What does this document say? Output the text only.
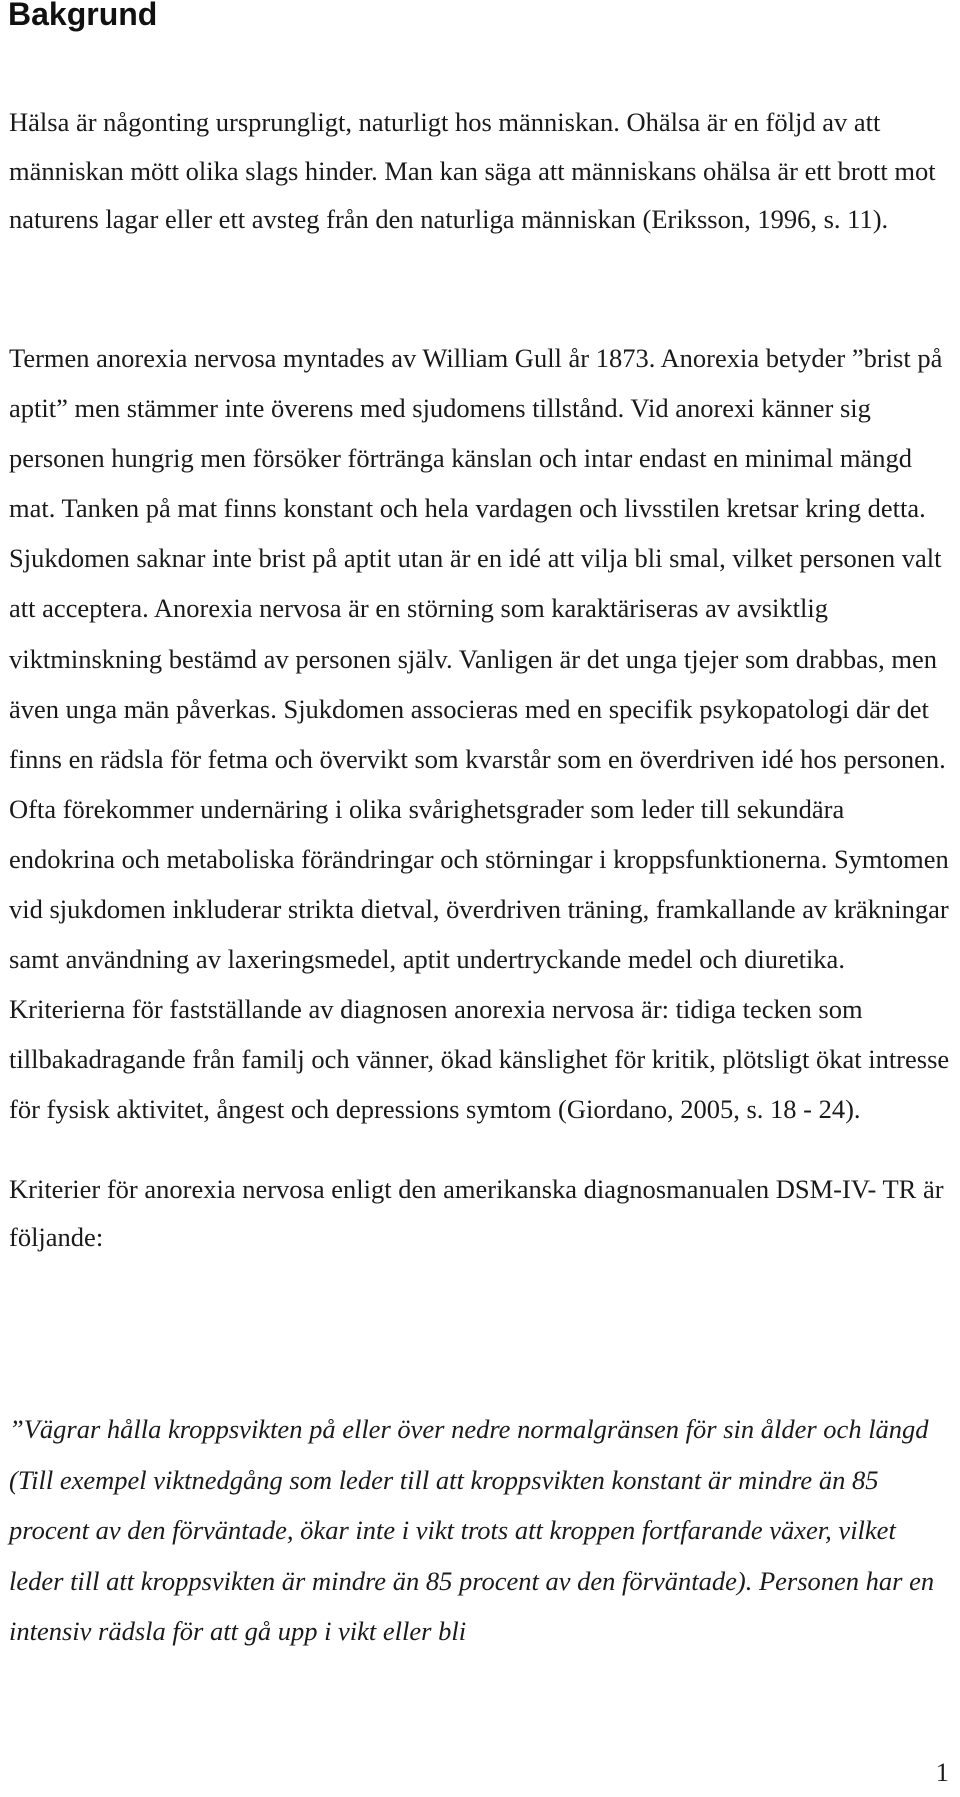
Bakgrund

Hälsa är någonting ursprungligt, naturligt hos människan. Ohälsa är en följd av att människan mött olika slags hinder. Man kan säga att människans ohälsa är ett brott mot naturens lagar eller ett avsteg från den naturliga människan (Eriksson, 1996, s. 11).

Termen anorexia nervosa myntades av William Gull år 1873. Anorexia betyder ”brist på aptit” men stämmer inte överens med sjudomens tillstånd. Vid anorexi känner sig personen hungrig men försöker förtränga känslan och intar endast en minimal mängd mat. Tanken på mat finns konstant och hela vardagen och livsstilen kretsar kring detta. Sjukdomen saknar inte brist på aptit utan är en idé att vilja bli smal, vilket personen valt att acceptera. Anorexia nervosa är en störning som karaktäriseras av avsiktlig viktminskning bestämd av personen själv. Vanligen är det unga tjejer som drabbas, men även unga män påverkas. Sjukdomen associeras med en specifik psykopatologi där det finns en rädsla för fetma och övervikt som kvarstår som en överdriven idé hos personen. Ofta förekommer undernäring i olika svårighetsgrader som leder till sekundära endokrina och metaboliska förändringar och störningar i kroppsfunktionerna. Symtomen vid sjukdomen inkluderar strikta dietval, överdriven träning, framkallande av kräkningar samt användning av laxeringsmedel, aptit undertryckande medel och diuretika. Kriterierna för fastställande av diagnosen anorexia nervosa är: tidiga tecken som tillbakadragande från familj och vänner, ökad känslighet för kritik, plötsligt ökat intresse för fysisk aktivitet, ångest och depressions symtom (Giordano, 2005, s. 18 - 24).

Kriterier för anorexia nervosa enligt den amerikanska diagnosmanualen DSM-IV- TR är följande:

”Vägrar hålla kroppsvikten på eller över nedre normalgränsen för sin ålder och längd (Till exempel viktnedgång som leder till att kroppsvikten konstant är mindre än 85 procent av den förväntade, ökar inte i vikt trots att kroppen fortfarande växer, vilket leder till att kroppsvikten är mindre än 85 procent av den förväntade). Personen har en intensiv rädsla för att gå upp i vikt eller bli

1
